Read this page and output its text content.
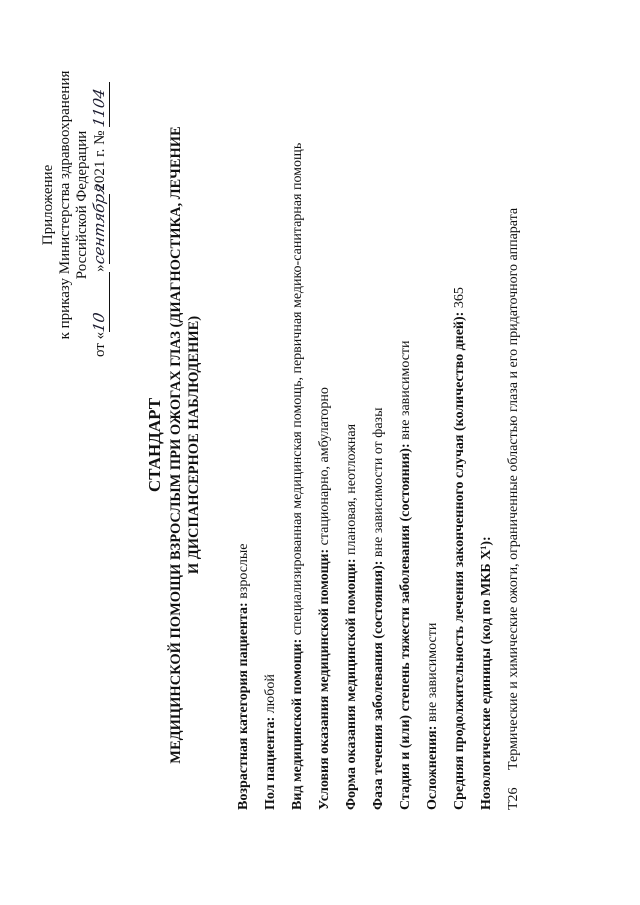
Приложение к приказу Министерства здравоохранения Российской Федерации
от «10»сентября 2021 г. № 1104
СТАНДАРТ МЕДИЦИНСКОЙ ПОМОЩИ ВЗРОСЛЫМ ПРИ ОЖОГАХ ГЛАЗ (ДИАГНОСТИКА, ЛЕЧЕНИЕ И ДИСПАНСЕРНОЕ НАБЛЮДЕНИЕ)
Возрастная категория пациента: взрослые
Пол пациента: любой Вид медицинской помощи: специализированная медицинская помощь, первичная медико-санитарная помощь
Условия оказания медицинской помощи: стационарно, амбулаторно
Форма оказания медицинской помощи: плановая, неотложная
Фаза течения заболевания (состояния): вне зависимости от фазы Стадия и (или) степень тяжести заболевания (состояния): вне зависимости
Осложнения: вне зависимости Средняя продолжительность лечения законченного случая (количество дней): 365
Нозологические единицы (код по МКБ X¹): T26Термические и химические ожоги, ограниченные областью глаза и его придаточного аппарата
